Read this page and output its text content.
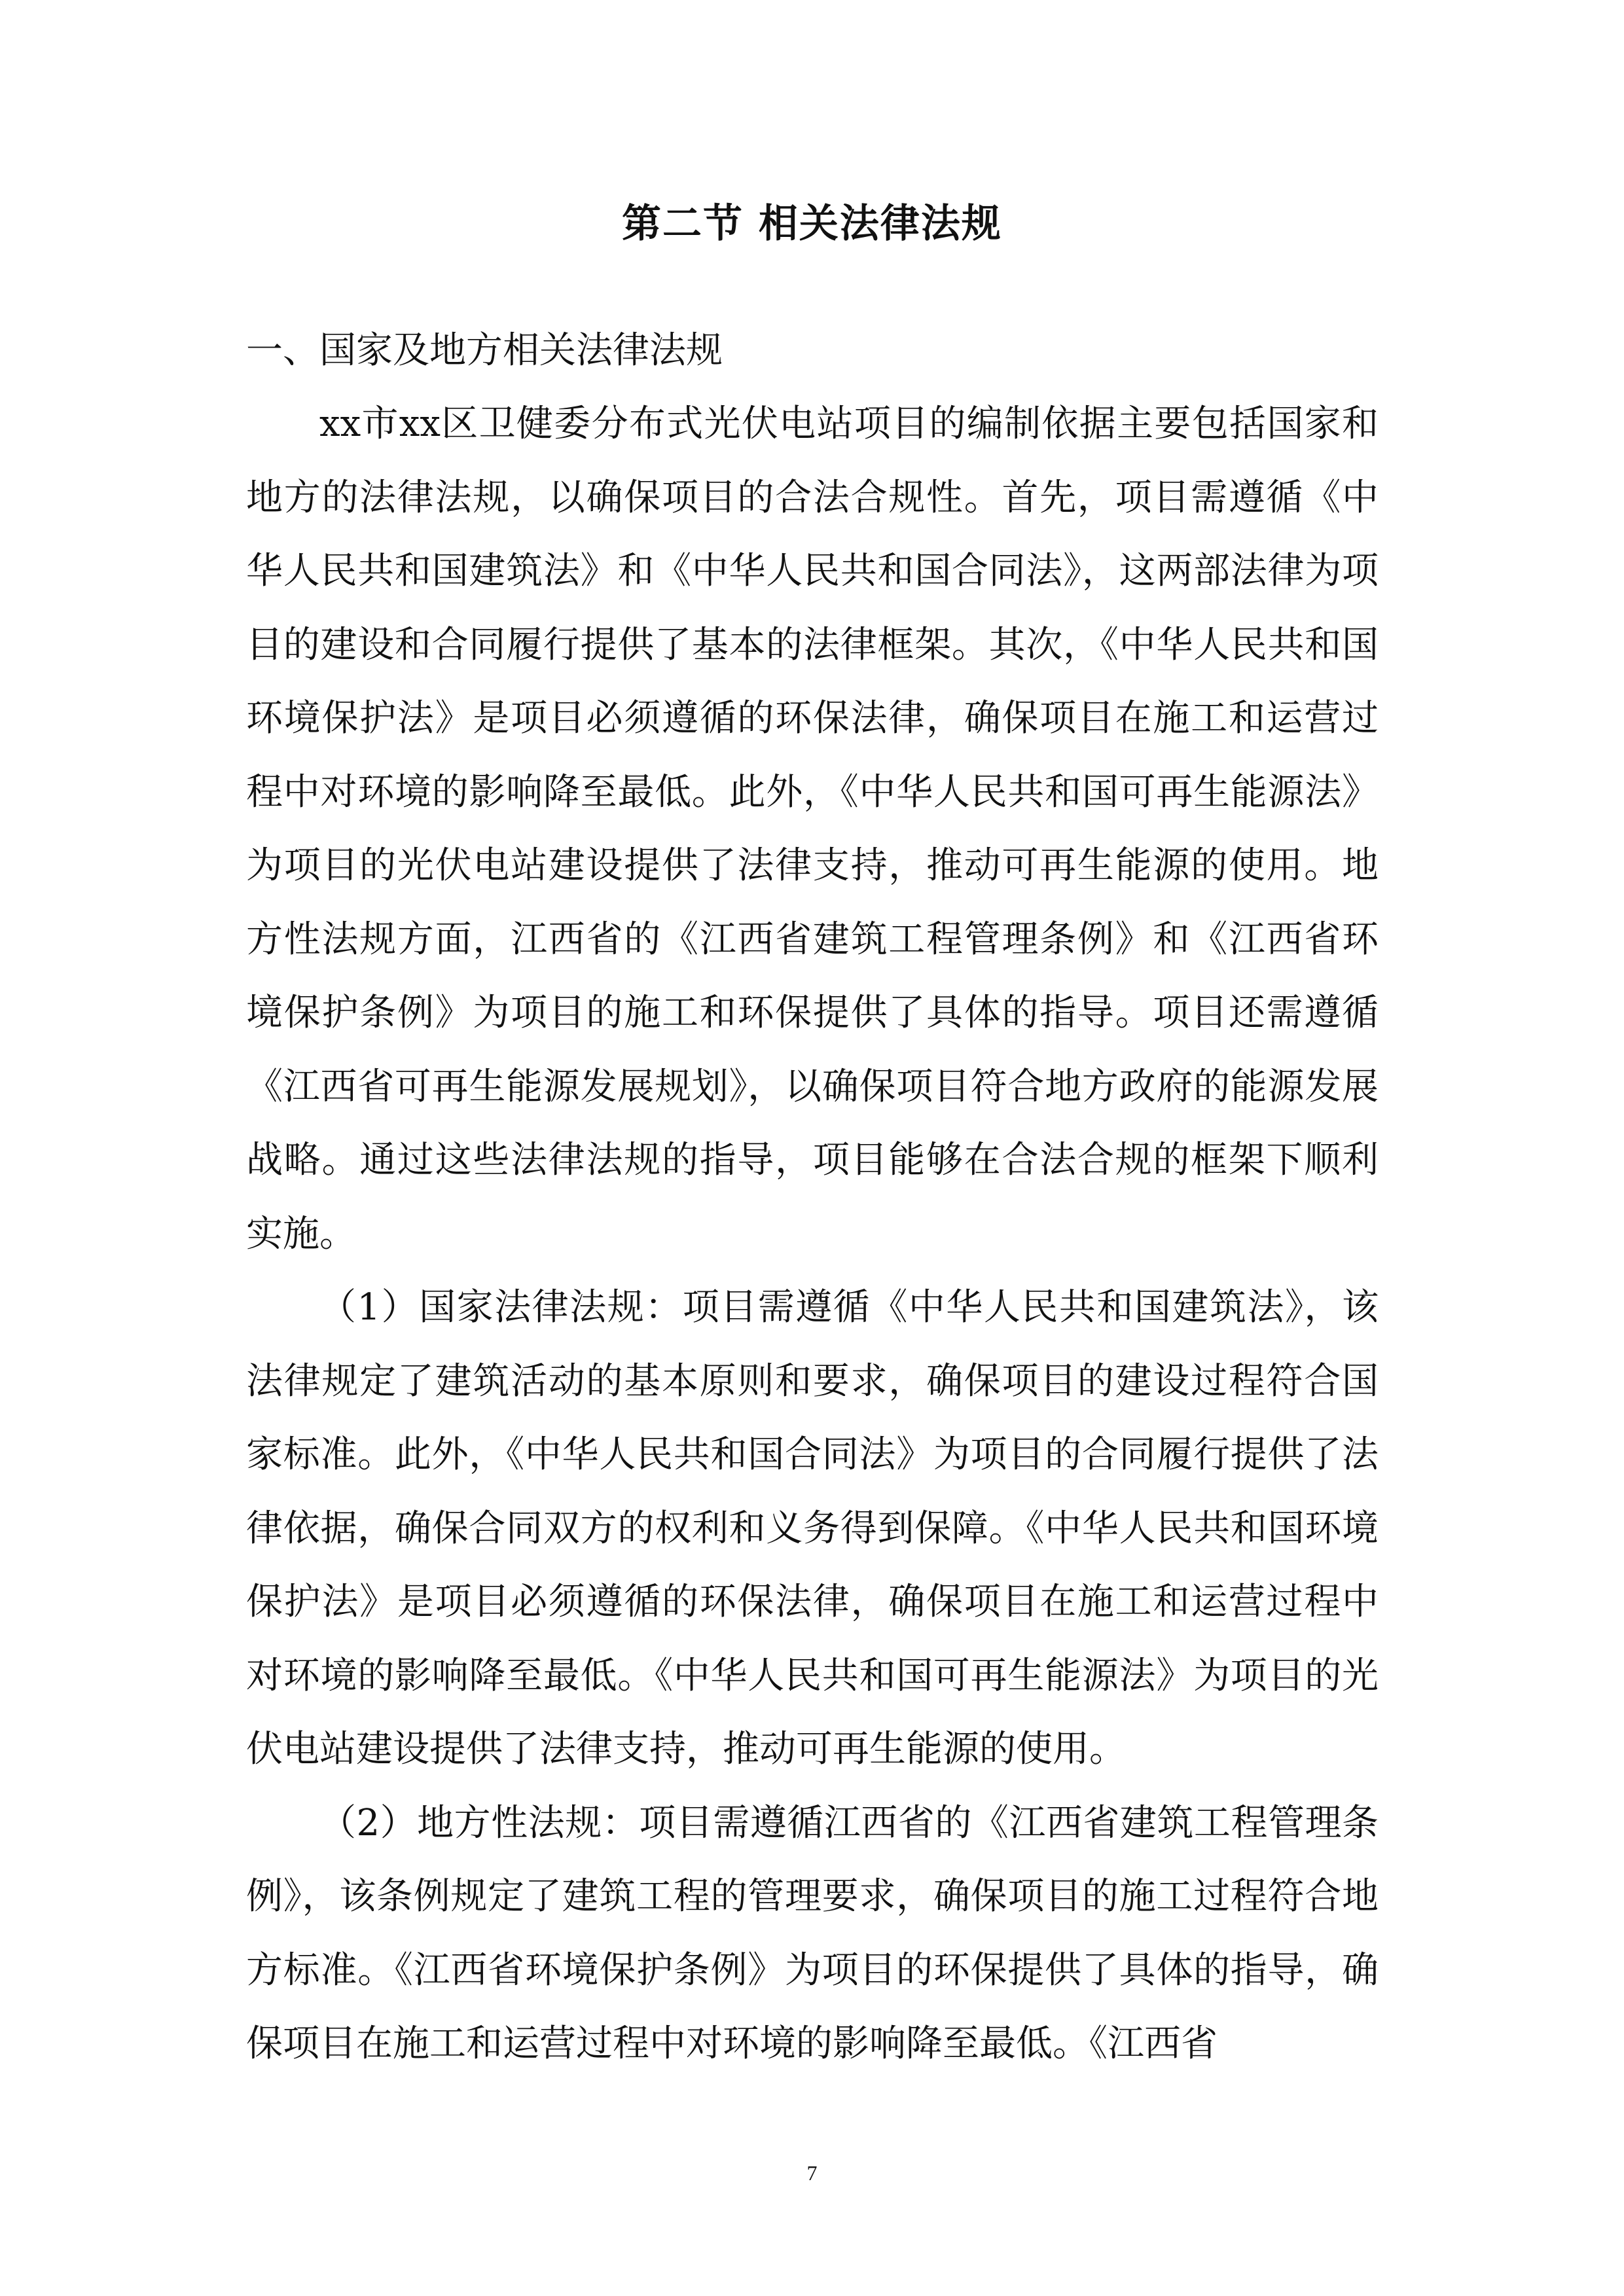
第二节 相关法律法规
一、国家及地方相关法律法规

xx市xx区卫健委分布式光伏电站项目的编制依据主要包括国家和地方的法律法规，以确保项目的合法合规性。首先，项目需遵循《中华人民共和国建筑法》和《中华人民共和国合同法》，这两部法律为项目的建设和合同履行提供了基本的法律框架。其次，《中华人民共和国环境保护法》是项目必须遵循的环保法律，确保项目在施工和运营过程中对环境的影响降至最低。此外，《中华人民共和国可再生能源法》为项目的光伏电站建设提供了法律支持，推动可再生能源的使用。地方性法规方面，江西省的《江西省建筑工程管理条例》和《江西省环境保护条例》为项目的施工和环保提供了具体的指导。项目还需遵循《江西省可再生能源发展规划》，以确保项目符合地方政府的能源发展战略。通过这些法律法规的指导，项目能够在合法合规的框架下顺利实施。

（1）国家法律法规：项目需遵循《中华人民共和国建筑法》，该法律规定了建筑活动的基本原则和要求，确保项目的建设过程符合国家标准。此外，《中华人民共和国合同法》为项目的合同履行提供了法律依据，确保合同双方的权利和义务得到保障。《中华人民共和国环境保护法》是项目必须遵循的环保法律，确保项目在施工和运营过程中对环境的影响降至最低。《中华人民共和国可再生能源法》为项目的光伏电站建设提供了法律支持，推动可再生能源的使用。

（2）地方性法规：项目需遵循江西省的《江西省建筑工程管理条例》，该条例规定了建筑工程的管理要求，确保项目的施工过程符合地方标准。《江西省环境保护条例》为项目的环保提供了具体的指导，确保项目在施工和运营过程中对环境的影响降至最低。《江西省

7
